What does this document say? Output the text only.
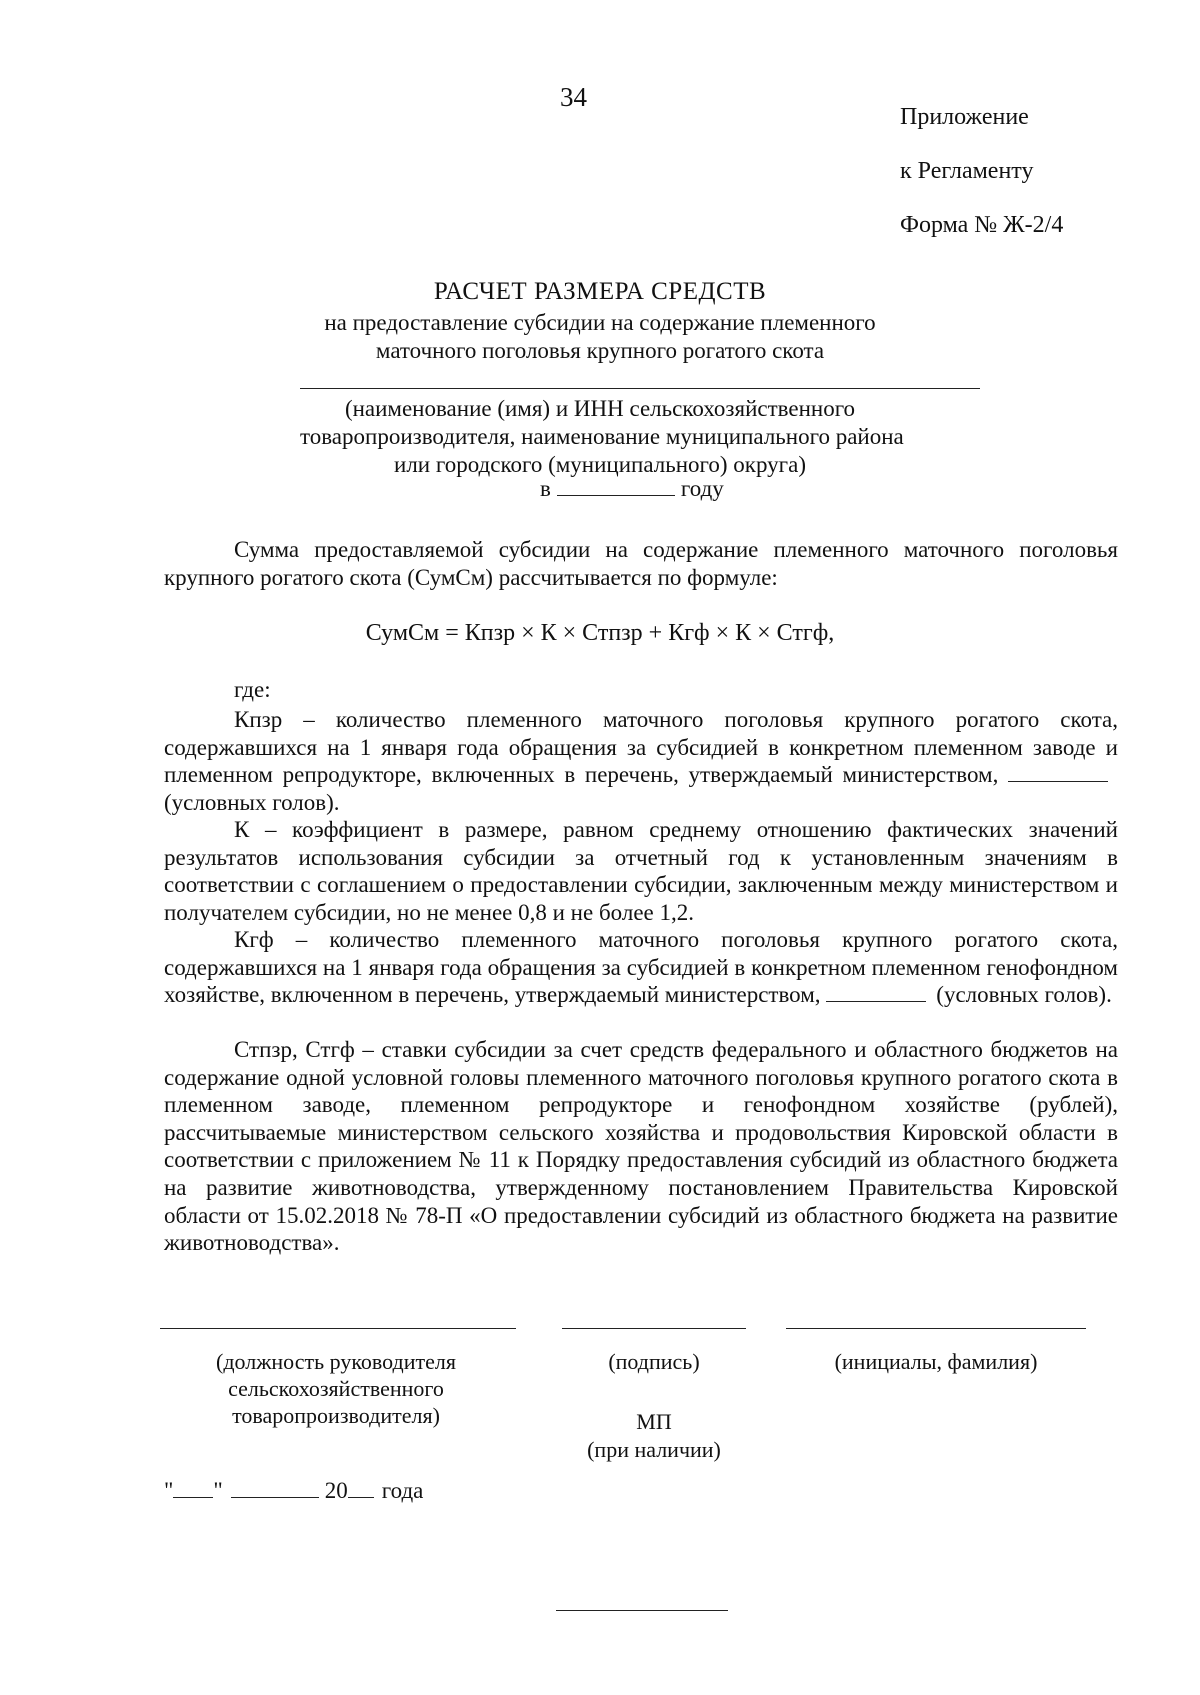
34
Приложение
к Регламенту
Форма № Ж-2/4
РАСЧЕТ РАЗМЕРА СРЕДСТВ
на предоставление субсидии на содержание племенного
маточного поголовья крупного рогатого скота
(наименование (имя) и ИНН сельскохозяйственного
товаропроизводителя, наименование муниципального района
или городского (муниципального) округа)
в	году
Сумма предоставляемой субсидии на содержание племенного маточного поголовья крупного рогатого скота (СумСм) рассчитывается по формуле:
СумСм = Кпзр × К × Стпзр + Кгф × К × Стгф,
где:
Кпзр – количество племенного маточного поголовья крупного рогатого скота, содержавшихся на 1 января года обращения за субсидией в конкретном племенном заводе и племенном репродукторе, включенных в перечень, утверждаемый министерством, (условных голов).
К – коэффициент в размере, равном среднему отношению фактических значений результатов использования субсидии за отчетный год к установленным значениям в соответствии с соглашением о предоставлении субсидии, заключенным между министерством и получателем субсидии, но не менее 0,8 и не более 1,2.
Кгф – количество племенного маточного поголовья крупного рогатого скота, содержавшихся на 1 января года обращения за субсидией в конкретном племенном генофондном хозяйстве, включенном в перечень, утверждаемый министерством,	(условных голов).
Стпзр, Стгф – ставки субсидии за счет средств федерального и областного бюджетов на содержание одной условной головы племенного маточного поголовья крупного рогатого скота в племенном заводе, племенном репродукторе и генофондном хозяйстве (рублей), рассчитываемые министерством сельского хозяйства и продовольствия Кировской области в соответствии с приложением № 11 к Порядку предоставления субсидий из областного бюджета на развитие животноводства, утвержденному постановлением Правительства Кировской области от 15.02.2018 № 78-П «О предоставлении субсидий из областного бюджета на развитие животноводства».
(должность руководителя сельскохозяйственного товаропроизводителя)
(подпись)	(инициалы, фамилия)
МП
(при наличии)
" "	20 года
